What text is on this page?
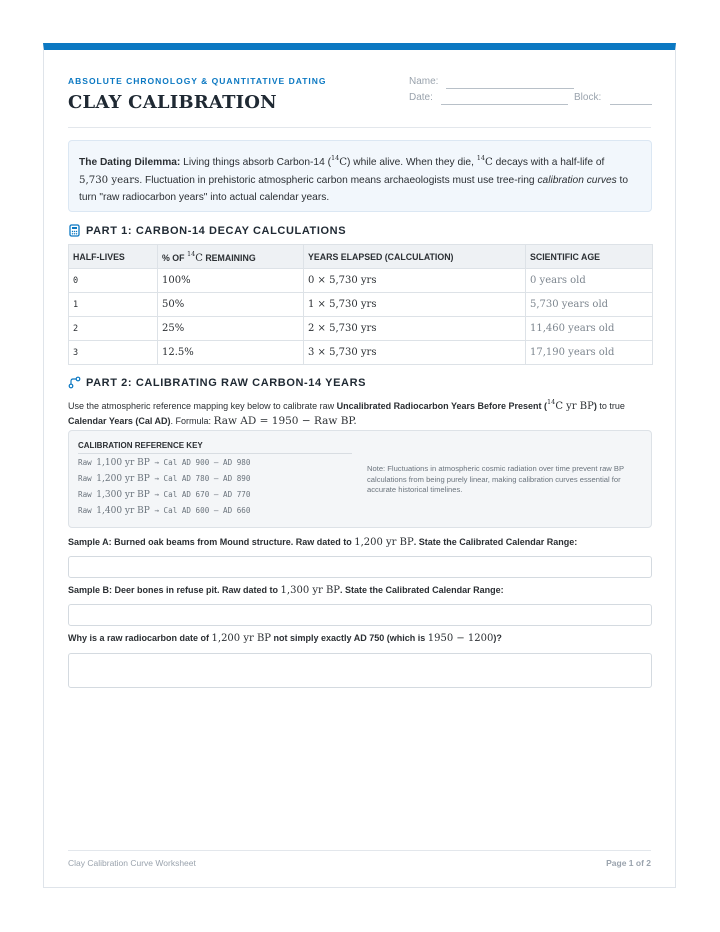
ABSOLUTE CHRONOLOGY & QUANTITATIVE DATING
CLAY CALIBRATION
Name:
Date:	Block:
The Dating Dilemma: Living things absorb Carbon-14 ($^{14}$C) while alive. When they die, $^{14}$C decays with a half-life of
5,730 years. Fluctuation in prehistoric atmospheric carbon means archaeologists must use tree-ring calibration curves to
turn "raw radiocarbon years" into actual calendar years.
PART 1: CARBON-14 DECAY CALCULATIONS
HALF-LIVES	% OF $^{14}$C REMAINING	YEARS ELAPSED (CALCULATION)	SCIENTIFIC AGE
0	100%	0 × 5,730 yrs	0 years old
1	50%	1 × 5,730 yrs	5,730 years old
2	25%	2 × 5,730 yrs	11,460 years old
3	12.5%	3 × 5,730 yrs	17,190 years old
PART 2: CALIBRATING RAW CARBON-14 YEARS
Use the atmospheric reference mapping key below to calibrate raw Uncalibrated Radiocarbon Years Before Present ($^{14}$C yr BP) to true
Calendar Years (Cal AD). Formula: Raw AD = 1950 − Raw BP.
CALIBRATION REFERENCE KEY
Raw 1,100 yr BP → Cal AD 900 – AD 980
Raw 1,200 yr BP → Cal AD 780 – AD 890
Raw 1,300 yr BP → Cal AD 670 – AD 770
Raw 1,400 yr BP → Cal AD 600 – AD 660
Note: Fluctuations in atmospheric cosmic radiation over time prevent raw BP calculations from being purely linear, making calibration curves essential for accurate historical timelines.
Sample A: Burned oak beams from Mound structure. Raw dated to 1,200 yr BP. State the Calibrated Calendar Range:
Sample B: Deer bones in refuse pit. Raw dated to 1,300 yr BP. State the Calibrated Calendar Range:
Why is a raw radiocarbon date of 1,200 yr BP not simply exactly AD 750 (which is 1950 − 1200)?
Clay Calibration Curve Worksheet	Page 1 of 2
